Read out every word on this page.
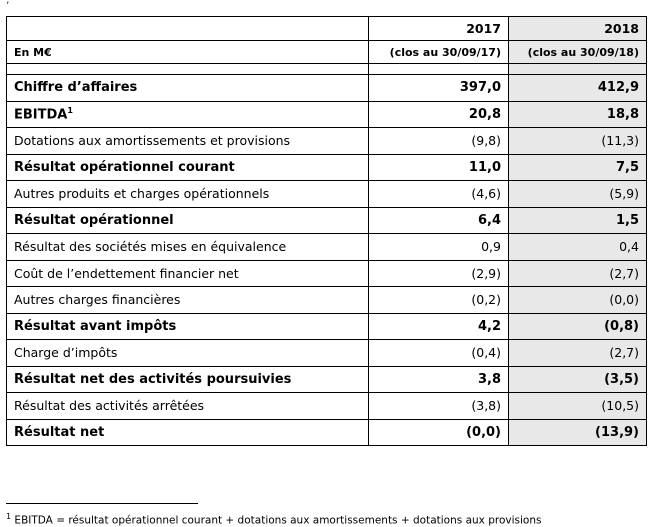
	2017	2018
En M€	(clos au 30/09/17)	(clos au 30/09/18)

Chiffre d’affaires	397,0	412,9
EBITDA$^1$	20,8	18,8
Dotations aux amortissements et provisions	(9,8)	(11,3)
Résultat opérationnel courant	11,0	7,5
Autres produits et charges opérationnels	(4,6)	(5,9)
Résultat opérationnel	6,4	1,5
Résultat des sociétés mises en équivalence	0,9	0,4
Coût de l’endettement financier net	(2,9)	(2,7)
Autres charges financières	(0,2)	(0,0)
Résultat avant impôts	4,2	(0,8)
Charge d’impôts	(0,4)	(2,7)
Résultat net des activités poursuivies	3,8	(3,5)
Résultat des activités arrêtées	(3,8)	(10,5)
Résultat net	(0,0)	(13,9)
$^1$ EBITDA = résultat opérationnel courant + dotations aux amortissements + dotations aux provisions
